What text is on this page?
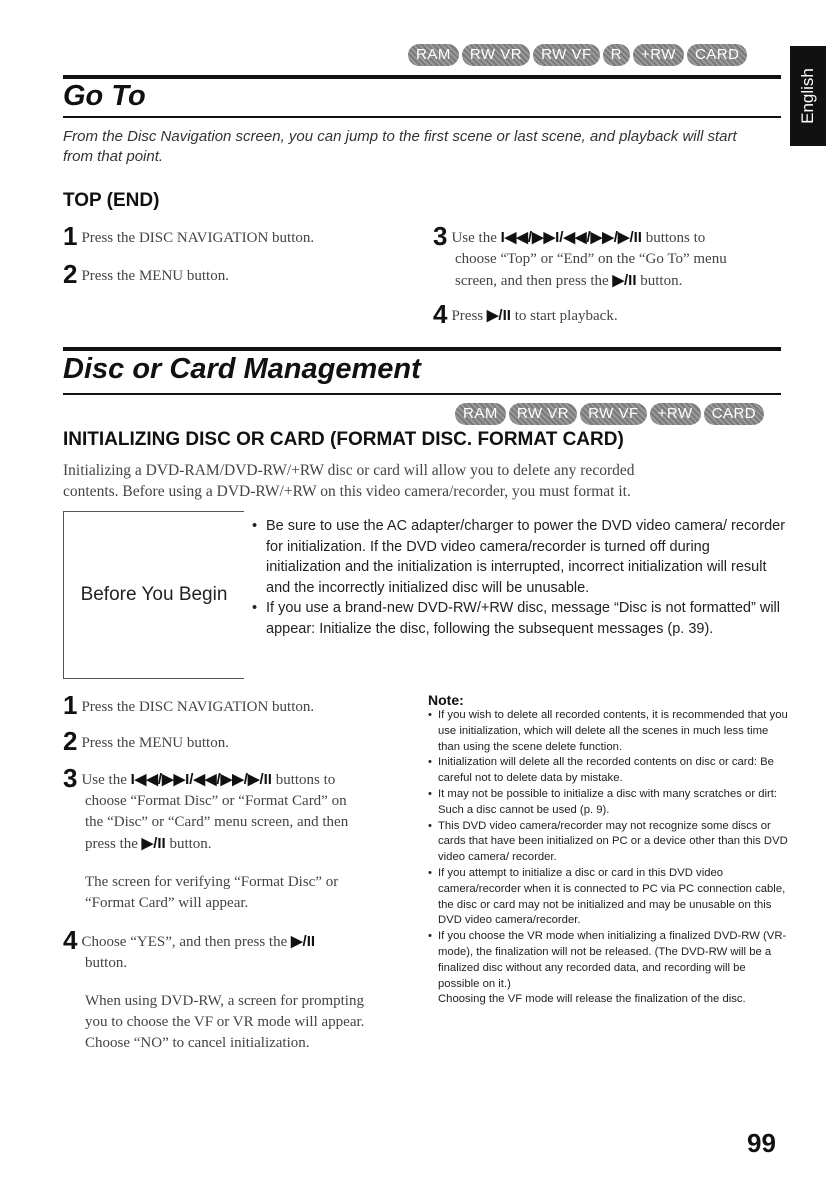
RAM	RW VR	RW VF	R	+RW	CARD
English
Go To
From the Disc Navigation screen, you can jump to the first scene or last scene, and playback will start from that point.
TOP (END)
1 Press the DISC NAVIGATION button.
2 Press the MENU button.
3 Use the I◀◀/▶▶I/◀◀/▶▶/▶/II buttons to
choose “Top” or “End” on the “Go To” menu
screen, and then press the ▶/II button.
4 Press ▶/II to start playback.
Disc or Card Management
RAM	RW VR	RW VF	+RW	CARD
INITIALIZING DISC OR CARD (FORMAT DISC. FORMAT CARD)
Initializing a DVD-RAM/DVD-RW/+RW disc or card will allow you to delete any recorded
contents. Before using a DVD-RW/+RW on this video camera/recorder, you must format it.
Before You Begin
• Be sure to use the AC adapter/charger to power the DVD video camera/ recorder for initialization. If the DVD video camera/recorder is turned off during initialization and the initialization is interrupted, incorrect initialization will result and the incorrectly initialized disc will be unusable.
• If you use a brand-new DVD-RW/+RW disc, message “Disc is not formatted” will appear: Initialize the disc, following the subsequent messages (p. 39).
1 Press the DISC NAVIGATION button.
2 Press the MENU button.
3 Use the I◀◀/▶▶I/◀◀/▶▶/▶/II buttons to
choose “Format Disc” or “Format Card” on
the “Disc” or “Card” menu screen, and then
press the ▶/II button.
The screen for verifying “Format Disc” or
“Format Card” will appear.
4 Choose “YES”, and then press the ▶/II
button.
When using DVD-RW, a screen for prompting
you to choose the VF or VR mode will appear.
Choose “NO” to cancel initialization.
Note:
• If you wish to delete all recorded contents, it is recommended that you use initialization, which will delete all the scenes in much less time than using the scene delete function.
• Initialization will delete all the recorded contents on disc or card: Be careful not to delete data by mistake.
• It may not be possible to initialize a disc with many scratches or dirt: Such a disc cannot be used (p. 9).
• This DVD video camera/recorder may not recognize some discs or cards that have been initialized on PC or a device other than this DVD video camera/ recorder.
• If you attempt to initialize a disc or card in this DVD video camera/recorder when it is connected to PC via PC connection cable, the disc or card may not be initialized and may be unusable on this DVD video camera/recorder.
• If you choose the VR mode when initializing a finalized DVD-RW (VR-mode), the finalization will not be released. (The DVD-RW will be a finalized disc without any recorded data, and recording will be possible on it.)
Choosing the VF mode will release the finalization of the disc.
99
